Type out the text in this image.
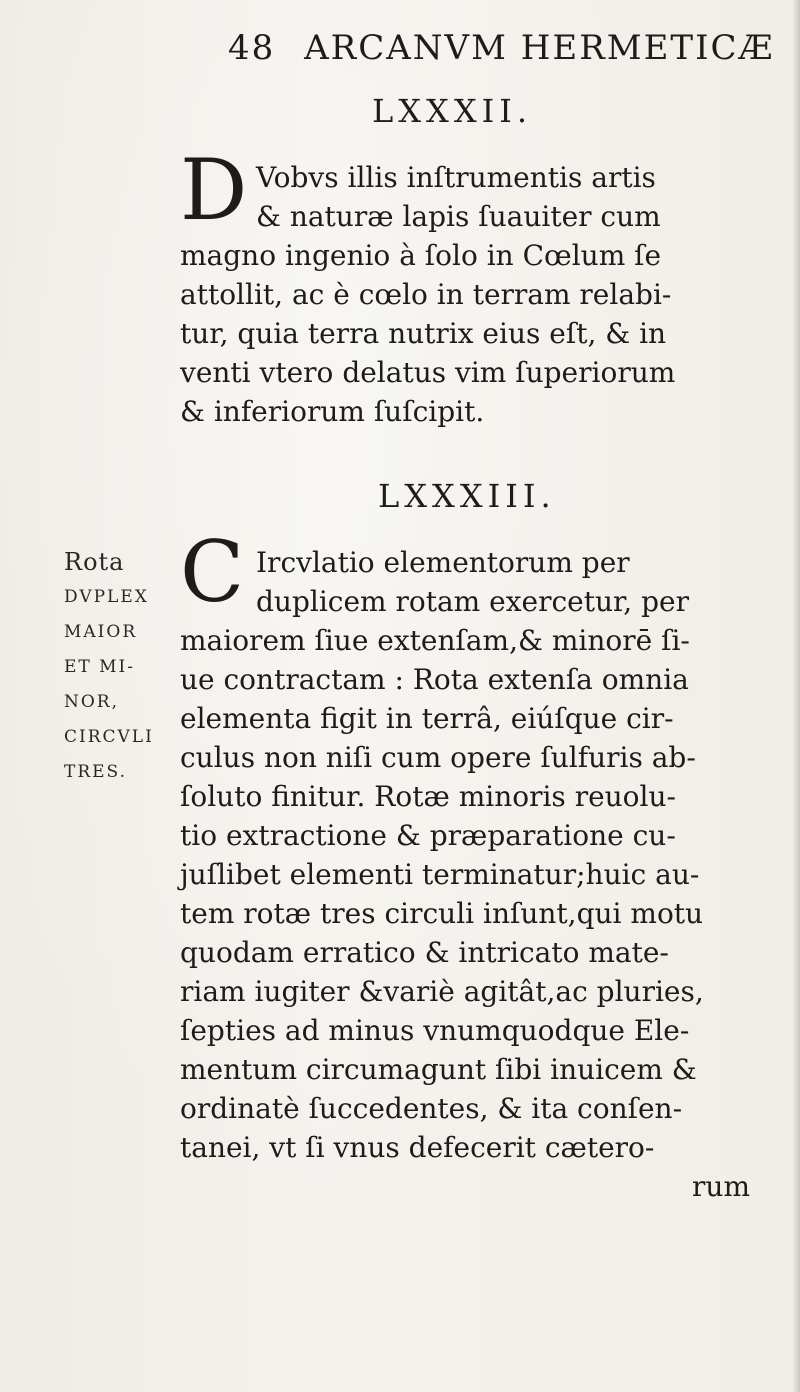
48 ARCANVM HERMETICÆ
LXXXII.
D Vobvs illis inſtrumentis artis
& naturæ lapis ſuauiter cum
magno ingenio à ſolo in Cœlum ſe
attollit, ac è cœlo in terram relabi-
tur, quia terra nutrix eius eſt, & in
venti vtero delatus vim ſuperiorum
& inferiorum ſuſcipit.
LXXXIII.
C Ircvlatio elementorum per
duplicem rotam exercetur, per
maiorem ſiue extenſam,& minorē ſi-
ue contractam : Rota extenſa omnia
elementa figit in terrâ, eiúſque cir-
culus non niſi cum opere ſulfuris ab-
ſoluto finitur. Rotæ minoris reuolu-
tio extractione & præparatione cu-
juſlibet elementi terminatur;huic au-
tem rotæ tres circuli inſunt,qui motu
quodam erratico & intricato mate-
riam iugiter &variè agitât,ac pluries,
ſepties ad minus vnumquodque Ele-
mentum circumagunt ſibi inuicem &
ordinatè ſuccedentes, & ita conſen-
tanei, vt ſi vnus defecerit cætero-
rum
Rota
DVPLEX
MAIOR
ET MI-
NOR,
CIRCVLI
TRES.
